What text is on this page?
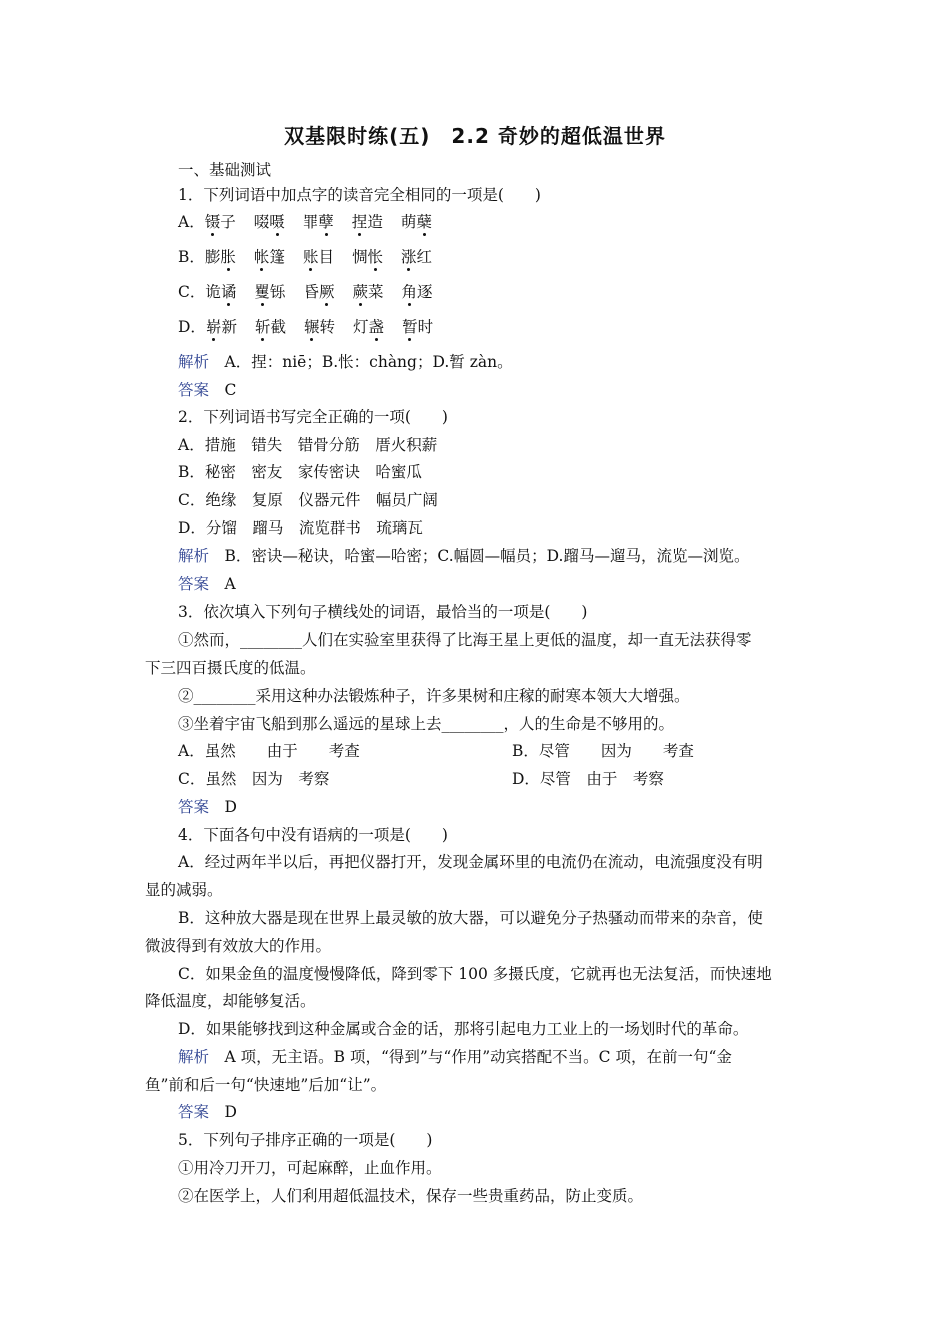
双基限时练(五)　2.2 奇妙的超低温世界
一、基础测试
1．下列词语中加点字的读音完全相同的一项是(　　)
A．镊子 啜嗫 罪孽 捏造 萌蘖
B．膨胀 帐篷 账目 惆怅 涨红
C．诡谲 矍铄 昏厥 蕨菜 角逐
D．崭新 斩截 辗转 灯盏 暂时
解析　 A．捏：niē；B.怅：chàng；D.暂 zàn。
答案　 C
2．下列词语书写完全正确的一项(　　)
A．措施　错失　错骨分筋　厝火积薪
B．秘密　密友　家传密诀　哈蜜瓜
C．绝缘　复原　仪器元件　幅员广阔
D．分馏　蹓马　流览群书　琉璃瓦
解析　 B．密诀—秘诀，哈蜜—哈密；C.幅圆—幅员；D.蹓马—遛马，流览—浏览。
答案　 A
3．依次填入下列句子横线处的词语，最恰当的一项是(　　)
①然而，________人们在实验室里获得了比海王星上更低的温度，却一直无法获得零
下三四百摄氏度的低温。
②________采用这种办法锻炼种子，许多果树和庄稼的耐寒本领大大增强。
③坐着宇宙飞船到那么遥远的星球上去________，人的生命是不够用的。
A．虽然　　由于　　考查	B．尽管　　因为　　考查
C．虽然　因为　考察	D．尽管　由于　考察
答案　 D
4．下面各句中没有语病的一项是(　　)
A．经过两年半以后，再把仪器打开，发现金属环里的电流仍在流动，电流强度没有明
显的减弱。
B．这种放大器是现在世界上最灵敏的放大器，可以避免分子热骚动而带来的杂音，使
微波得到有效放大的作用。
C．如果金鱼的温度慢慢降低，降到零下 100 多摄氏度，它就再也无法复活，而快速地
降低温度，却能够复活。
D．如果能够找到这种金属或合金的话，那将引起电力工业上的一场划时代的革命。
解析　 A 项，无主语。B 项，“得到”与“作用”动宾搭配不当。C 项，在前一句“金
鱼”前和后一句“快速地”后加“让”。
答案　 D
5．下列句子排序正确的一项是(　　)
①用冷刀开刀，可起麻醉，止血作用。
②在医学上，人们利用超低温技术，保存一些贵重药品，防止变质。
